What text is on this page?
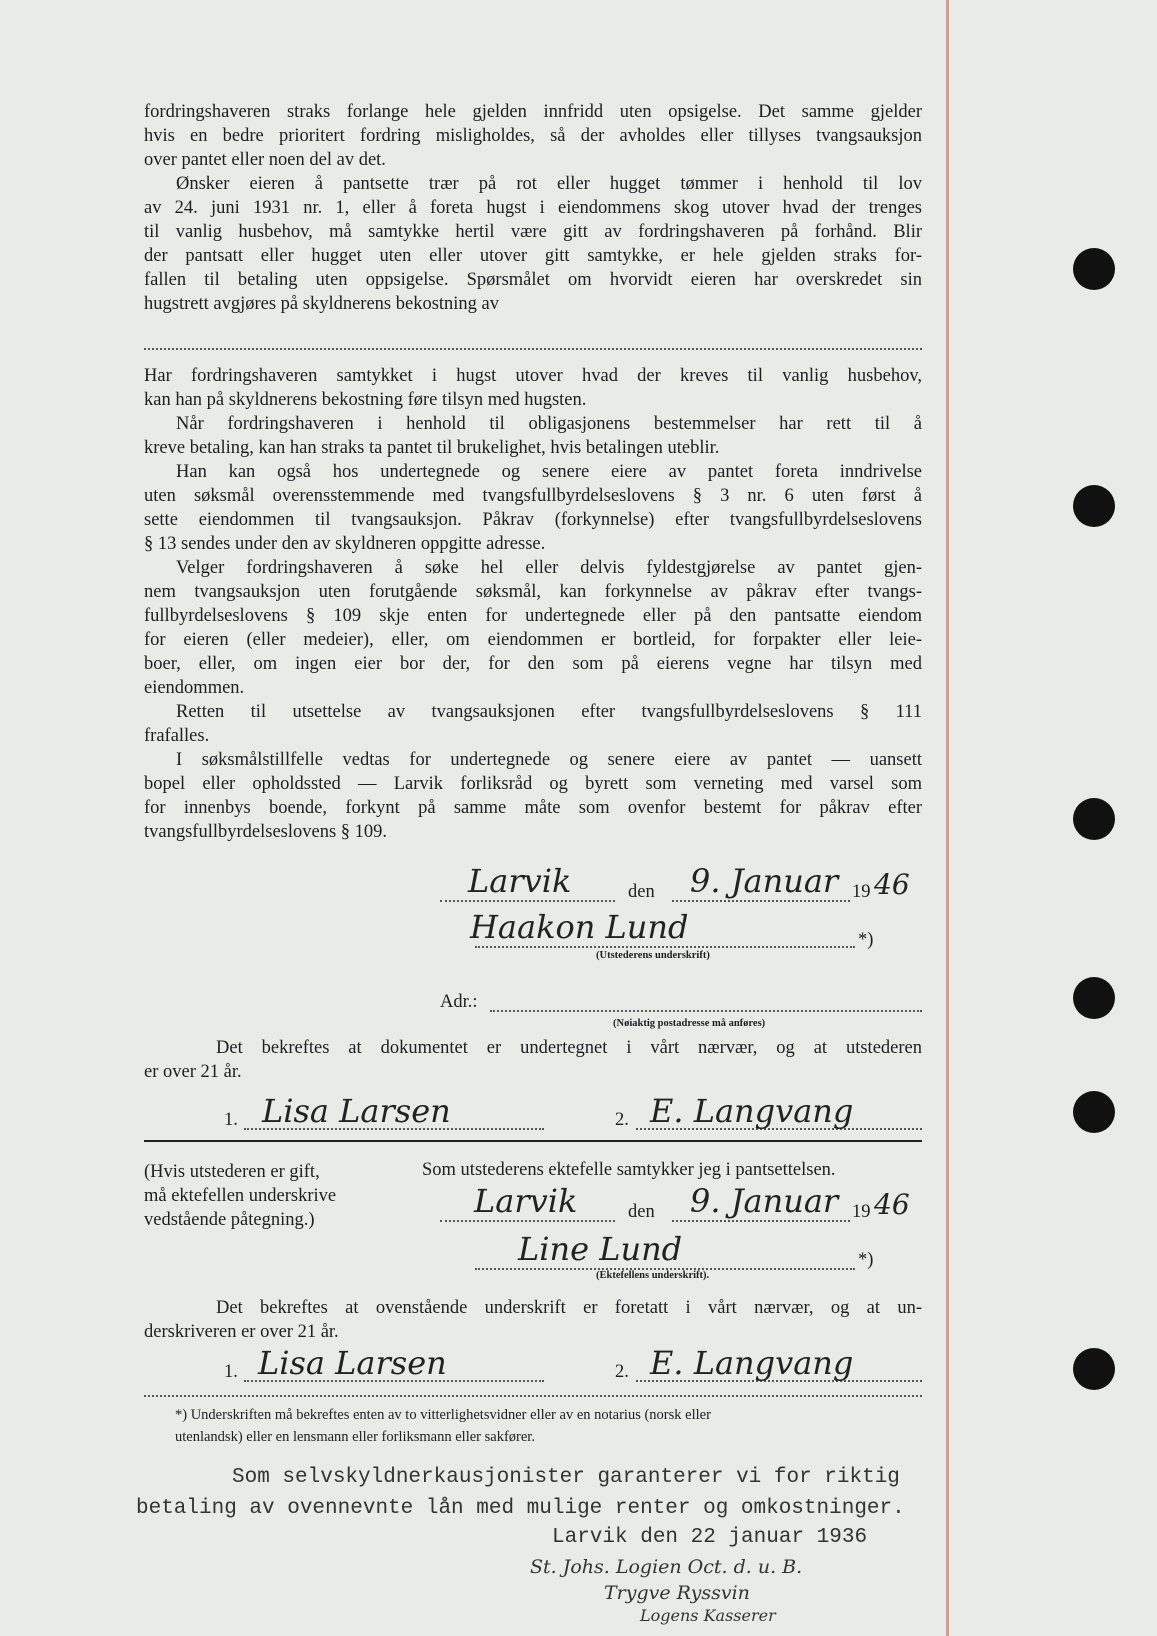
fordringshaveren straks forlange hele gjelden innfridd uten opsigelse. Det samme gjelder
hvis en bedre prioritert fordring misligholdes, så der avholdes eller tillyses tvangsauksjon
over pantet eller noen del av det.
Ønsker eieren å pantsette trær på rot eller hugget tømmer i henhold til lov
av 24. juni 1931 nr. 1, eller å foreta hugst i eiendommens skog utover hvad der trenges
til vanlig husbehov, må samtykke hertil være gitt av fordringshaveren på forhånd. Blir
der pantsatt eller hugget uten eller utover gitt samtykke, er hele gjelden straks for-
fallen til betaling uten oppsigelse. Spørsmålet om hvorvidt eieren har overskredet sin
hugstrett avgjøres på skyldnerens bekostning av
Har fordringshaveren samtykket i hugst utover hvad der kreves til vanlig husbehov,
kan han på skyldnerens bekostning føre tilsyn med hugsten.
Når fordringshaveren i henhold til obligasjonens bestemmelser har rett til å
kreve betaling, kan han straks ta pantet til brukelighet, hvis betalingen uteblir.
Han kan også hos undertegnede og senere eiere av pantet foreta inndrivelse
uten søksmål overensstemmende med tvangsfullbyrdelseslovens § 3 nr. 6 uten først å
sette eiendommen til tvangsauksjon. Påkrav (forkynnelse) efter tvangsfullbyrdelseslovens
§ 13 sendes under den av skyldneren oppgitte adresse.
Velger fordringshaveren å søke hel eller delvis fyldestgjørelse av pantet gjen-
nem tvangsauksjon uten forutgående søksmål, kan forkynnelse av påkrav efter tvangs-
fullbyrdelseslovens § 109 skje enten for undertegnede eller på den pantsatte eiendom
for eieren (eller medeier), eller, om eiendommen er bortleid, for forpakter eller leie-
boer, eller, om ingen eier bor der, for den som på eierens vegne har tilsyn med
eiendommen.
Retten til utsettelse av tvangsauksjonen efter tvangsfullbyrdelseslovens § 111
frafalles.
I søksmålstillfelle vedtas for undertegnede og senere eiere av pantet — uansett
bopel eller opholdssted — Larvik forliksråd og byrett som verneting med varsel som
for innenbys boende, forkynt på samme måte som ovenfor bestemt for påkrav efter
tvangsfullbyrdelseslovens § 109.
Larvik	den 9. Januar 19 46
Haakon Lund	*)
(Utstederens underskrift)
Adr.:
(Nøiaktig postadresse må anføres)
Det bekreftes at dokumentet er undertegnet i vårt nærvær, og at utstederen
er over 21 år.
1. Lisa Larsen	2. E. Langvang
(Hvis utstederen er gift,
må ektefellen underskrive
vedstående påtegning.)
Som utstederens ektefelle samtykker jeg i pantsettelsen.
Larvik	den 9. Januar 19 46
Line Lund	*)
(Ektefellens underskrift).
Det bekreftes at ovenstående underskrift er foretatt i vårt nærvær, og at un-
derskriveren er over 21 år.
1. Lisa Larsen	2. E. Langvang
*) Underskriften må bekreftes enten av to vitterlighetsvidner eller av en notarius (norsk eller
utenlandsk) eller en lensmann eller forliksmann eller sakfører.
Som selvskyldnerkausjonister garanterer vi for riktig
betaling av ovennevnte lån med mulige renter og omkostninger.
Larvik den 22 januar 1936
St. Johs. Logien Oct. d. u. B.
Trygve Ryssvin
Logens Kasserer
